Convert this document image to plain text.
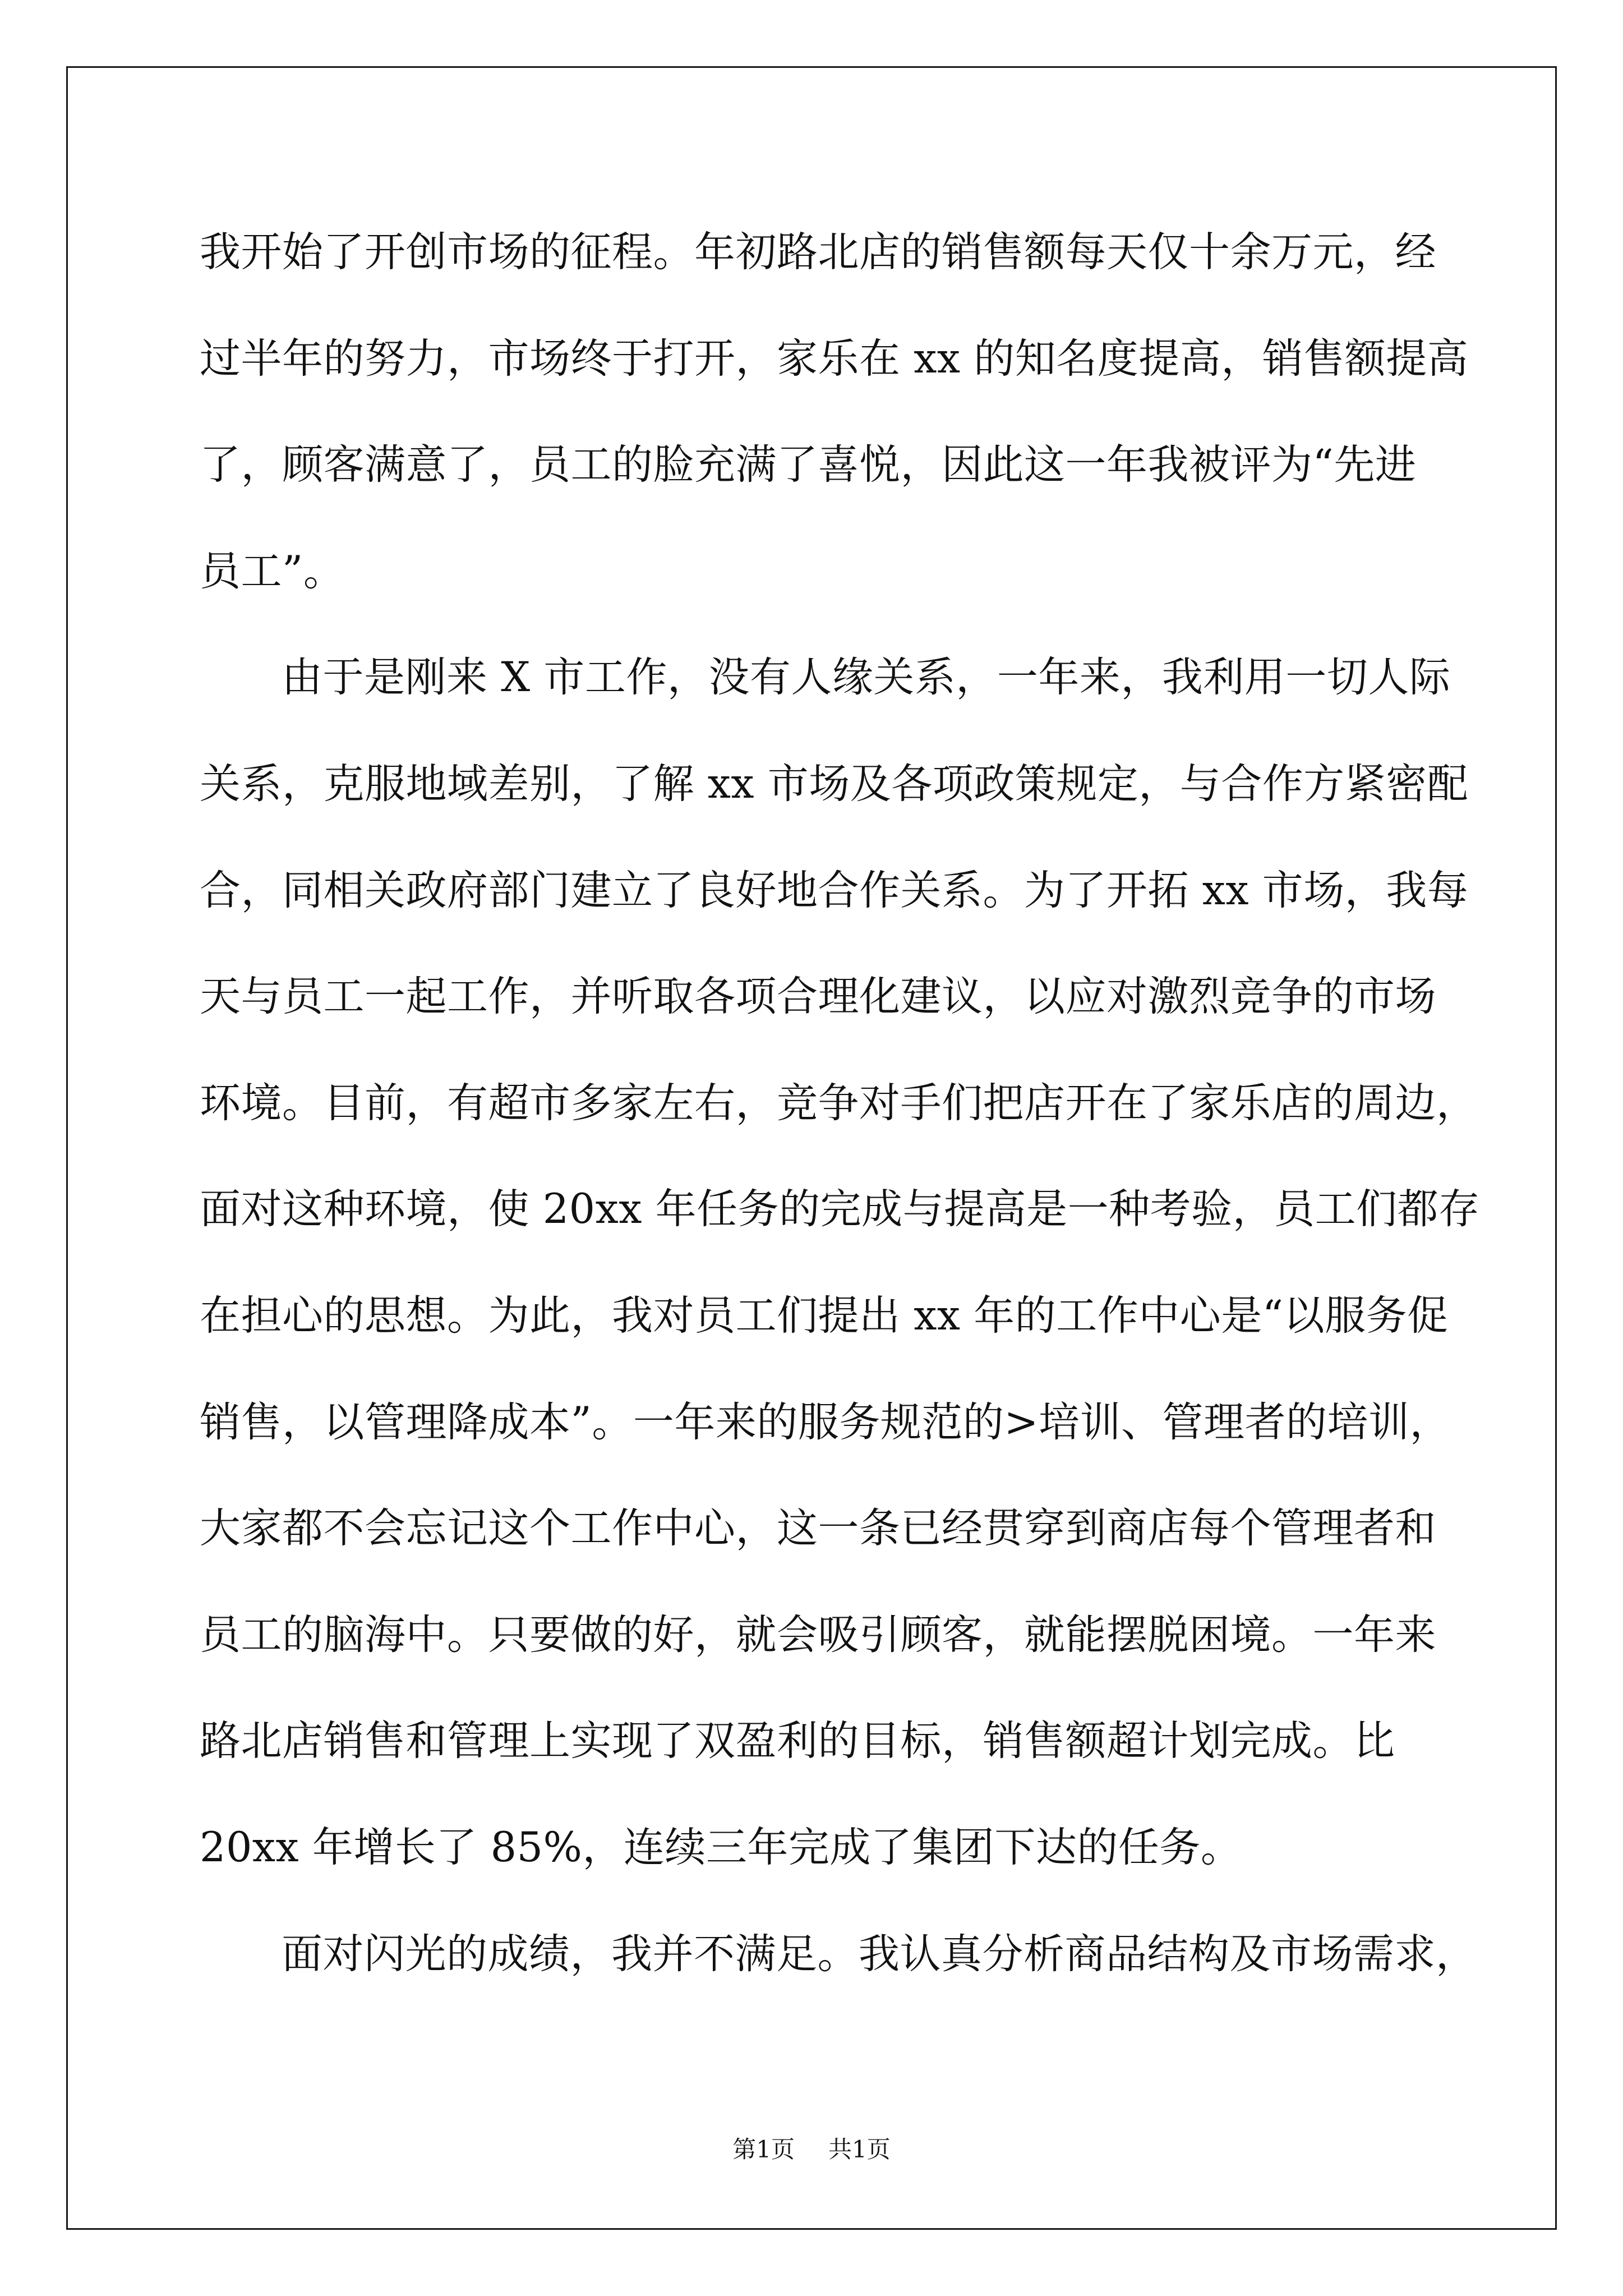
我开始了开创市场的征程。年初路北店的销售额每天仅十余万元，经
过半年的努力，市场终于打开，家乐在 xx 的知名度提高，销售额提高
了，顾客满意了，员工的脸充满了喜悦，因此这一年我被评为“先进
员工”。
由于是刚来 X 市工作，没有人缘关系，一年来，我利用一切人际
关系，克服地域差别，了解 xx 市场及各项政策规定，与合作方紧密配
合，同相关政府部门建立了良好地合作关系。为了开拓 xx 市场，我每
天与员工一起工作，并听取各项合理化建议，以应对激烈竞争的市场
环境。目前，有超市多家左右，竞争对手们把店开在了家乐店的周边，
面对这种环境，使 20xx 年任务的完成与提高是一种考验，员工们都存
在担心的思想。为此，我对员工们提出 xx 年的工作中心是“以服务促
销售，以管理降成本”。一年来的服务规范的>培训、管理者的培训，
大家都不会忘记这个工作中心，这一条已经贯穿到商店每个管理者和
员工的脑海中。只要做的好，就会吸引顾客，就能摆脱困境。一年来
路北店销售和管理上实现了双盈利的目标，销售额超计划完成。比
20xx 年增长了 85%，连续三年完成了集团下达的任务。
面对闪光的成绩，我并不满足。我认真分析商品结构及市场需求，
第1页 共1页
